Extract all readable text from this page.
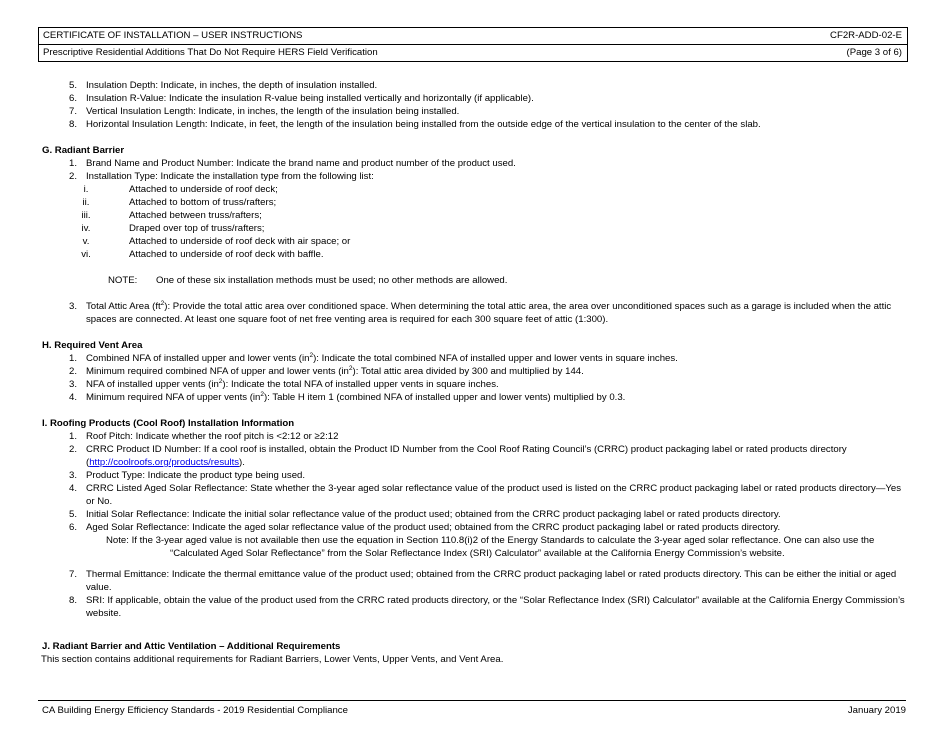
CERTIFICATE OF INSTALLATION – USER INSTRUCTIONS	CF2R-ADD-02-E
Prescriptive Residential Additions That Do Not Require HERS Field Verification	(Page 3 of 6)
5. Insulation Depth: Indicate, in inches, the depth of insulation installed.
6. Insulation R-Value: Indicate the insulation R-value being installed vertically and horizontally (if applicable).
7. Vertical Insulation Length: Indicate, in inches, the length of the insulation being installed.
8. Horizontal Insulation Length: Indicate, in feet, the length of the insulation being installed from the outside edge of the vertical insulation to the center of the slab.
G. Radiant Barrier
1. Brand Name and Product Number: Indicate the brand name and product number of the product used.
2. Installation Type: Indicate the installation type from the following list:
i.	Attached to underside of roof deck;
ii.	Attached to bottom of truss/rafters;
iii.	Attached between truss/rafters;
iv.	Draped over top of truss/rafters;
v.	Attached to underside of roof deck with air space; or
vi.	Attached to underside of roof deck with baffle.
NOTE: One of these six installation methods must be used; no other methods are allowed.
3. Total Attic Area $(ft^2)$: Provide the total attic area over conditioned space. When determining the total attic area, the area over unconditioned spaces such as a garage is included when the attic spaces are connected. At least one square foot of net free venting area is required for each 300 square feet of attic (1:300).
H. Required Vent Area
1. Combined NFA of installed upper and lower vents $(in^2)$: Indicate the total combined NFA of installed upper and lower vents in square inches.
2. Minimum required combined NFA of upper and lower vents $(in^2)$: Total attic area divided by 300 and multiplied by 144.
3. NFA of installed upper vents $(in^2)$: Indicate the total NFA of installed upper vents in square inches.
4. Minimum required NFA of upper vents $(in^2)$: Table H item 1 (combined NFA of installed upper and lower vents) multiplied by 0.3.
I. Roofing Products (Cool Roof) Installation Information
1. Roof Pitch: Indicate whether the roof pitch is <2:12 or ≥2:12
2. CRRC Product ID Number: If a cool roof is installed, obtain the Product ID Number from the Cool Roof Rating Council’s (CRRC) product packaging label or rated products directory
(http://coolroofs.org/products/results).
3. Product Type: Indicate the product type being used.
4. CRRC Listed Aged Solar Reflectance: State whether the 3-year aged solar reflectance value of the product used is listed on the CRRC product packaging label or rated products directory—Yes or No.
5. Initial Solar Reflectance: Indicate the initial solar reflectance value of the product used; obtained from the CRRC product packaging label or rated products directory.
6. Aged Solar Reflectance: Indicate the aged solar reflectance value of the product used; obtained from the CRRC product packaging label or rated products directory.
Note: If the 3-year aged value is not available then use the equation in Section 110.8(i)2 of the Energy Standards to calculate the 3-year aged solar reflectance. One can also use the
“Calculated Aged Solar Reflectance” from the Solar Reflectance Index (SRI) Calculator” available at the California Energy Commission’s website.
7. Thermal Emittance: Indicate the thermal emittance value of the product used; obtained from the CRRC product packaging label or rated products directory. This can be either the initial or aged value.
8. SRI: If applicable, obtain the value of the product used from the CRRC rated products directory, or the “Solar Reflectance Index (SRI) Calculator” available at the California Energy Commission’s website.
J. Radiant Barrier and Attic Ventilation – Additional Requirements
This section contains additional requirements for Radiant Barriers, Lower Vents, Upper Vents, and Vent Area.
CA Building Energy Efficiency Standards - 2019 Residential Compliance	January 2019
